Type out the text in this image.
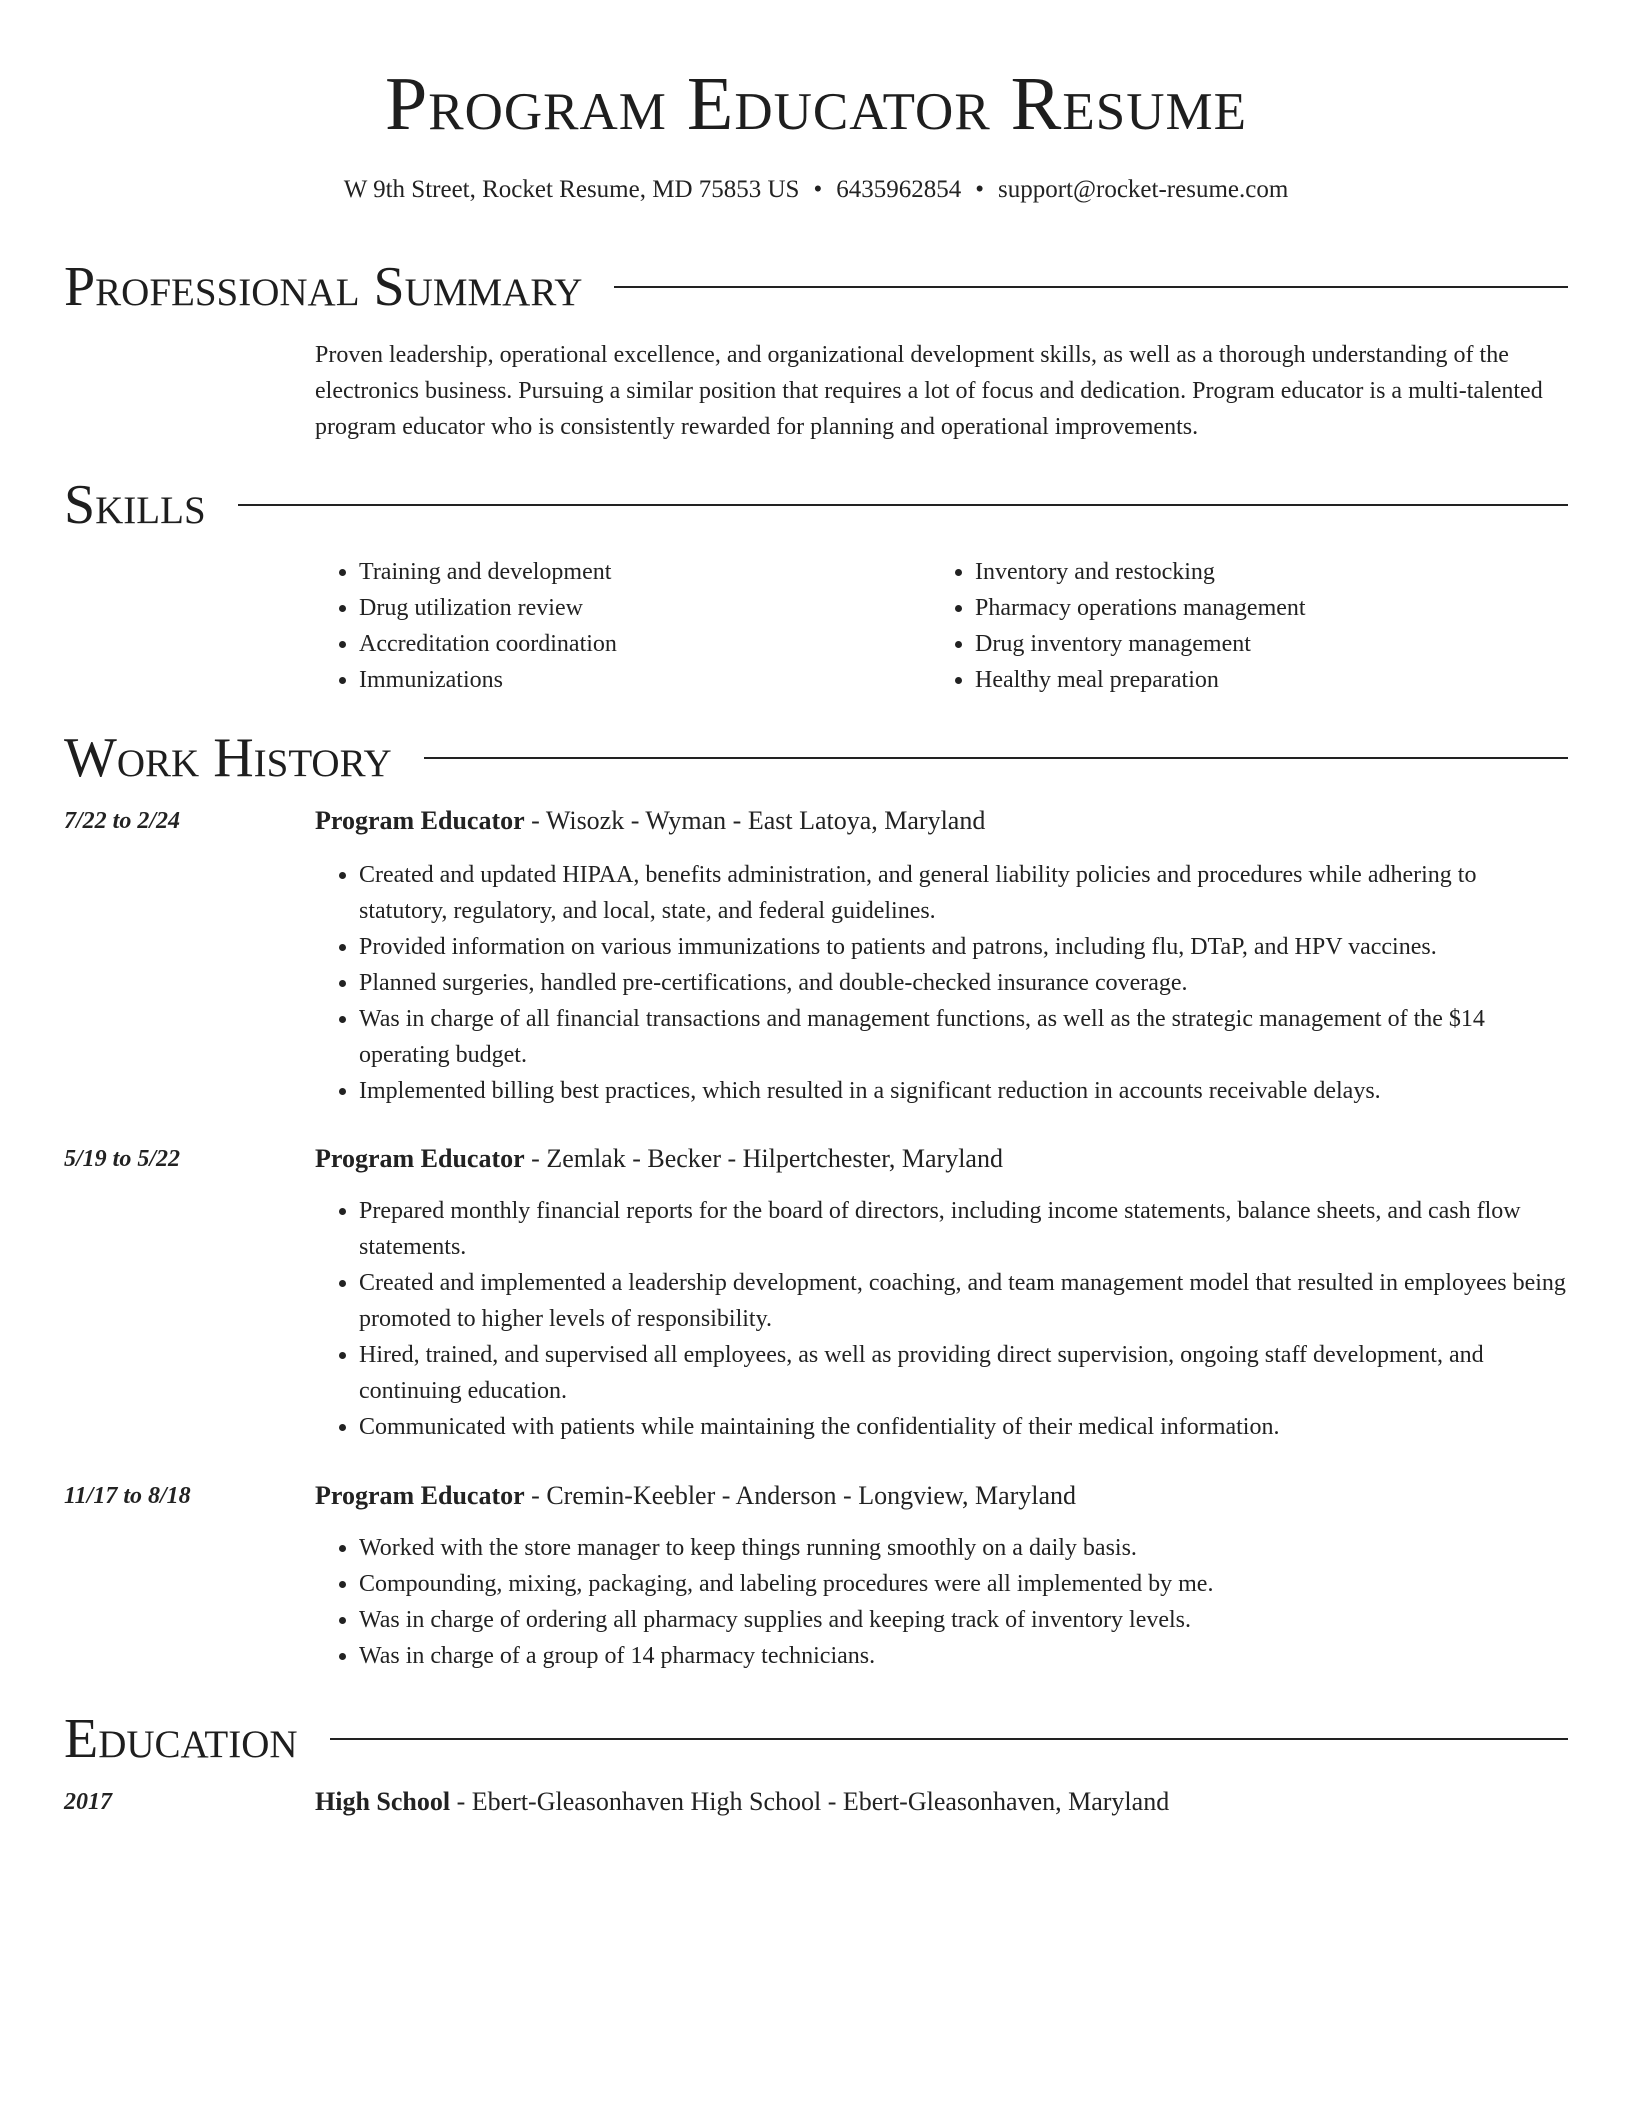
Program Educator Resume
W 9th Street, Rocket Resume, MD 75853 US • 6435962854 • support@rocket-resume.com
Professional Summary

Proven leadership, operational excellence, and organizational development skills, as well as a thorough understanding of the electronics business. Pursuing a similar position that requires a lot of focus and dedication. Program educator is a multi-talented program educator who is consistently rewarded for planning and operational improvements.

Skills
• Training and development
• Drug utilization review
• Accreditation coordination
• Immunizations
• Inventory and restocking
• Pharmacy operations management
• Drug inventory management
• Healthy meal preparation
Work History
7/22 to 2/24	Program Educator - Wisozk - Wyman - East Latoya, Maryland
• Created and updated HIPAA, benefits administration, and general liability policies and procedures while adhering to statutory, regulatory, and local, state, and federal guidelines.
• Provided information on various immunizations to patients and patrons, including flu, DTaP, and HPV vaccines.
• Planned surgeries, handled pre-certifications, and double-checked insurance coverage.
• Was in charge of all financial transactions and management functions, as well as the strategic management of the $14 operating budget.
• Implemented billing best practices, which resulted in a significant reduction in accounts receivable delays.
5/19 to 5/22	Program Educator - Zemlak - Becker - Hilpertchester, Maryland
• Prepared monthly financial reports for the board of directors, including income statements, balance sheets, and cash flow statements.
• Created and implemented a leadership development, coaching, and team management model that resulted in employees being promoted to higher levels of responsibility.
• Hired, trained, and supervised all employees, as well as providing direct supervision, ongoing staff development, and continuing education.
• Communicated with patients while maintaining the confidentiality of their medical information.
11/17 to 8/18	Program Educator - Cremin-Keebler - Anderson - Longview, Maryland
• Worked with the store manager to keep things running smoothly on a daily basis.
• Compounding, mixing, packaging, and labeling procedures were all implemented by me.
• Was in charge of ordering all pharmacy supplies and keeping track of inventory levels.
• Was in charge of a group of 14 pharmacy technicians.
Education
2017	High School - Ebert-Gleasonhaven High School - Ebert-Gleasonhaven, Maryland
